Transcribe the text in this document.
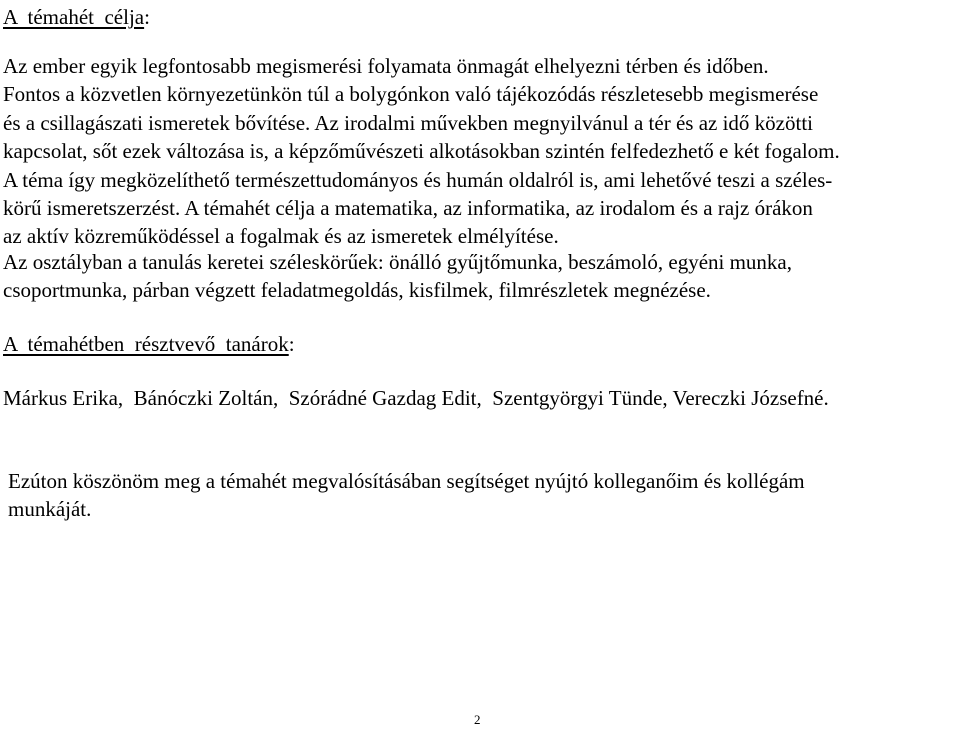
A  témahét  célja:

Az ember egyik legfontosabb megismerési folyamata önmagát elhelyezni térben és időben.
Fontos a közvetlen környezetünkön túl a bolygónkon való tájékozódás részletesebb megismerése
és a csillagászati ismeretek bővítése. Az irodalmi művekben megnyilvánul a tér és az idő közötti
kapcsolat, sőt ezek változása is, a képzőművészeti alkotásokban szintén felfedezhető e két fogalom.
A téma így megközelíthető természettudományos és humán oldalról is, ami lehetővé teszi a széles-
körű ismeretszerzést. A témahét célja a matematika, az informatika, az irodalom és a rajz órákon
az aktív közreműködéssel a fogalmak és az ismeretek elmélyítése.

Az osztályban a tanulás keretei széleskörűek: önálló gyűjtőmunka, beszámoló, egyéni munka,
csoportmunka, párban végzett feladatmegoldás, kisfilmek, filmrészletek megnézése.

A  témahétben  résztvevő  tanárok:
Márkus Erika,  Bánóczki Zoltán,  Szórádné Gazdag Edit,  Szentgyörgyi Tünde, Vereczki Józsefné.

Ezúton köszönöm meg a témahét megvalósításában segítséget nyújtó kolleganőim és kollégám
munkáját.

2
